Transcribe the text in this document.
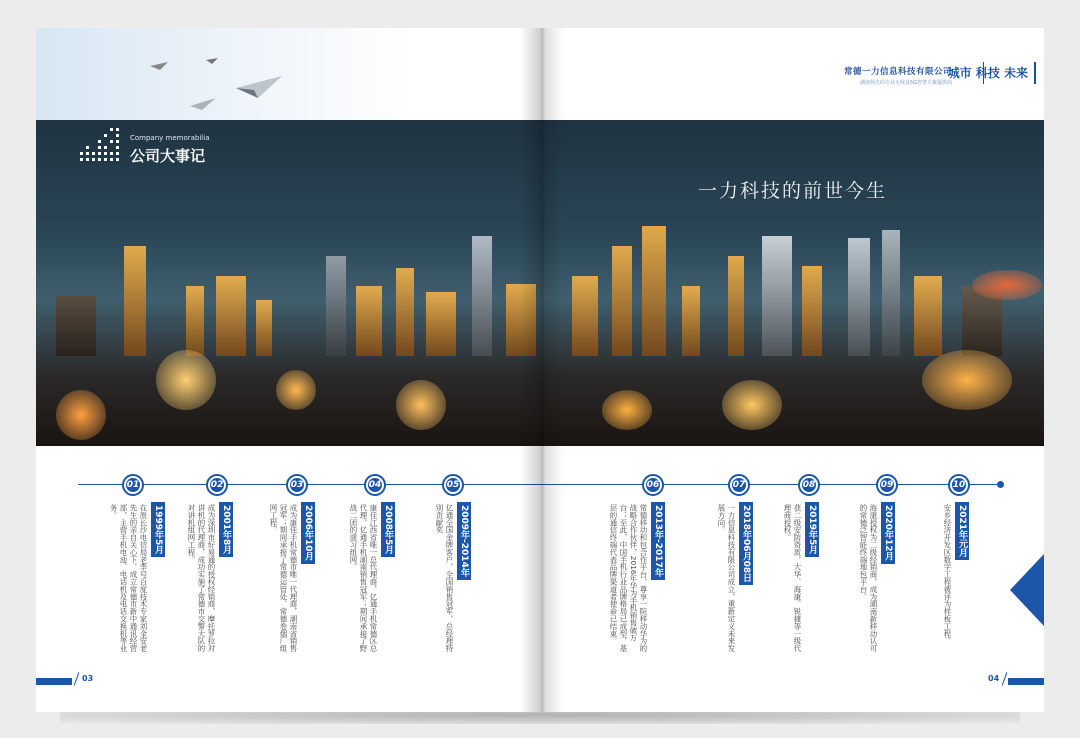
Company memorabilia
公司大事记
01
1999年5月
在原长沙电信局老李号百度技术专家刘金安老先生的亲自关心下，成立常德市新中通讯经营部，主营手机电池、电话机及电话交换机等业务。
02
2001年8月
成为深圳市好易通的授权经销商，摩托罗拉对讲机的代理商，成功实施了常德市交警大队的对讲机组网工程。
03
2006年10月
成为康佳手机常德市唯一代理商，湖南省销售冠军；期间承接了常德运管处、常德卷烟厂组网工程。
04
2008年5月
康佳江西省唯一总代理商，亿通手机常德区总代理，亿通手机湖南销售冠军；期间承接了野战二团的演习组网。
05
2009年-2014年
亿通全国金牌客户，全国销售冠军，总经理特别贡献奖
03
常德一力信息科技有限公司
湖南领先的专业无线及5G智慧方案提供商
城市 科技 未来
一力科技的前世今生
06
2013年-2017年
常德移动和包合作平台，尊享一院移动华为的战略合作伙伴，2016年华为手机销售破万台；至此，中国手机行业品牌格局已成型，基层的通信终端代表品牌渠道者使命已结束。
07
2018年06月08日
一力信息科技有限公司成立，重新定义未来发展方向。
08
2019年5月
获二级安防资质，大华、海康、锐捷等一级代理商授权。
09
2020年12月
海康授权为二级经销商，成为湖南新移动认可的常德泛智能终端地包平台。
10
2021年元月
安乡经济开发区数字工程被评为样板工程。
04
